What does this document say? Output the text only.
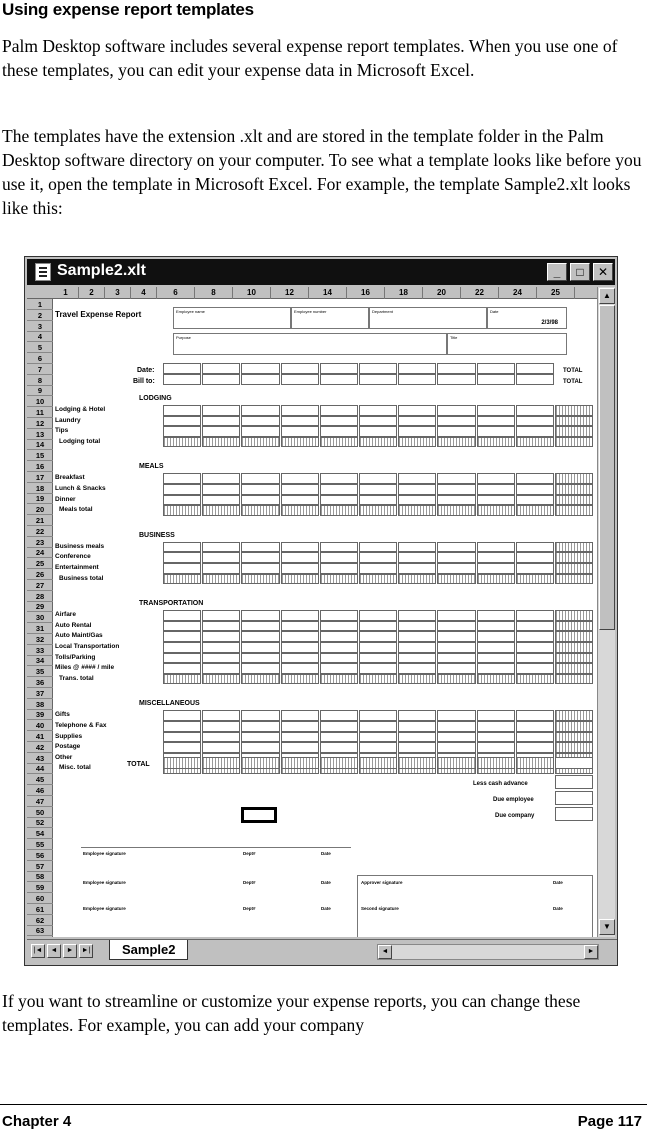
Using expense report templates

Palm Desktop software includes several expense report templates. When you use one of these templates, you can edit your expense data in Microsoft Excel.

The templates have the extension .xlt and are stored in the template folder in the Palm Desktop software directory on your computer. To see what a template looks like before you use it, open the template in Microsoft Excel. For example, the template Sample2.xlt looks like this:

Sample2.xlt	_	□	✕
1	2	3	4	6	8	10	12	14	16	18	20	22	24	25
1
2
3
4
5
6
7
8
9
10
11
12
13
14
15
16
17
18
19
20
21
22
23
24
25
26
27
28
29
30
31
32
33
34
35
36
37
38
39
40
41
42
43
44
45
46
47
50
52
54
55
56
57
58
59
60
61
62
63
Travel Expense Report	Employee name	Employee number	Department	Date
2/3/98
Purpose	Title
Date:
Bill to:
TOTAL
TOTAL
LODGING
Lodging & Hotel
Laundry
Tips
Lodging total
MEALS
Breakfast
Lunch & Snacks
Dinner
Meals total
BUSINESS
Business meals
Conference
Entertainment
Business total
TRANSPORTATION
Airfare
Auto Rental
Auto Maint/Gas
Local Transportation
Tolls/Parking
Miles @ #### / mile
Trans. total
MISCELLANEOUS
Gifts
Telephone & Fax
Supplies
Postage
Other
Misc. total	TOTAL
Less cash advance
Due employee
Due company
Employee signature	Dept#	Date
Employee signature	Dept#	Date
Employee signature	Dept#	Date
Approver signature	Date
Second signature	Date
▲
▼
|◄	◄	►	►|	Sample2	◄	►

If you want to streamline or customize your expense reports, you can change these templates. For example, you can add your company

Chapter 4	Page 117
